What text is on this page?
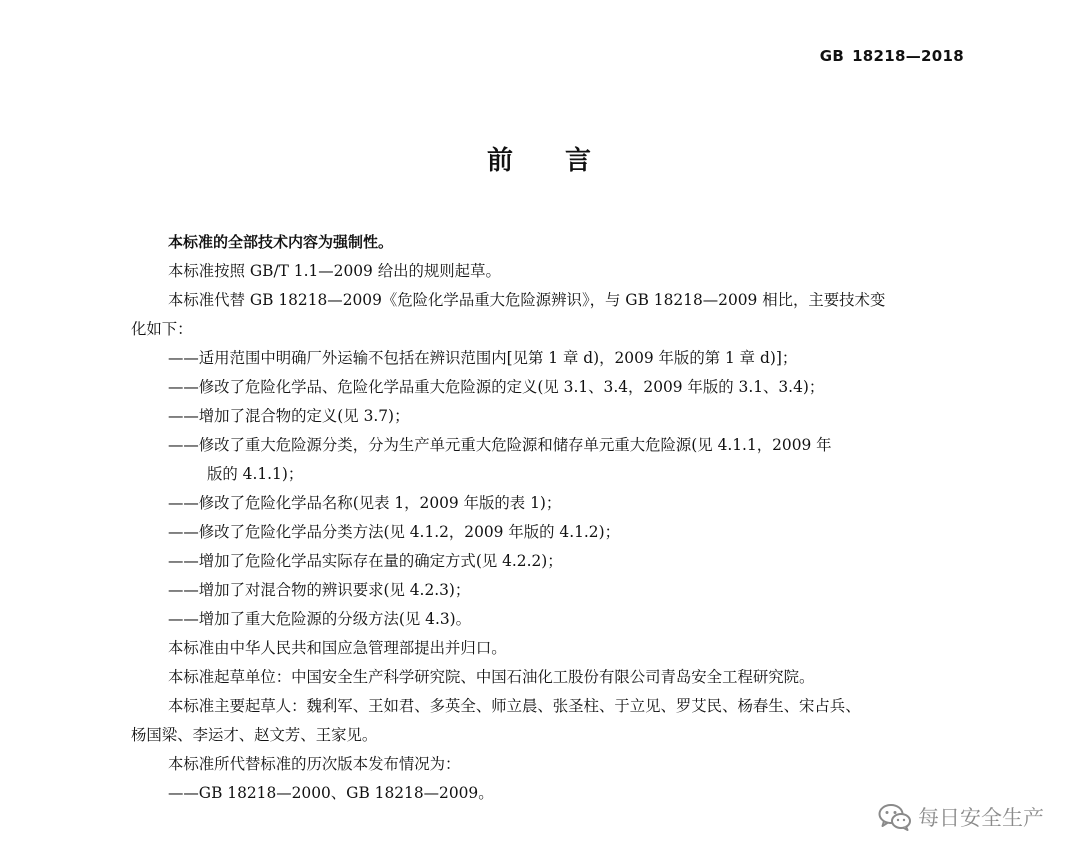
GB 18218—2018
前 言

本标准的全部技术内容为强制性。

本标准按照 GB/T 1.1—2009 给出的规则起草。

本标准代替 GB 18218—2009《危险化学品重大危险源辨识》，与 GB 18218—2009 相比，主要技术变

化如下：

——适用范围中明确厂外运输不包括在辨识范围内[见第 1 章 d)，2009 年版的第 1 章 d)]；

——修改了危险化学品、危险化学品重大危险源的定义(见 3.1、3.4，2009 年版的 3.1、3.4)；

——增加了混合物的定义(见 3.7)；

——修改了重大危险源分类，分为生产单元重大危险源和储存单元重大危险源(见 4.1.1，2009 年

版的 4.1.1)；

——修改了危险化学品名称(见表 1，2009 年版的表 1)；

——修改了危险化学品分类方法(见 4.1.2，2009 年版的 4.1.2)；

——增加了危险化学品实际存在量的确定方式(见 4.2.2)；

——增加了对混合物的辨识要求(见 4.2.3)；

——增加了重大危险源的分级方法(见 4.3)。

本标准由中华人民共和国应急管理部提出并归口。

本标准起草单位：中国安全生产科学研究院、中国石油化工股份有限公司青岛安全工程研究院。

本标准主要起草人：魏利军、王如君、多英全、师立晨、张圣柱、于立见、罗艾民、杨春生、宋占兵、

杨国梁、李运才、赵文芳、王家见。

本标准所代替标准的历次版本发布情况为：

——GB 18218—2000、GB 18218—2009。

每日安全生产
